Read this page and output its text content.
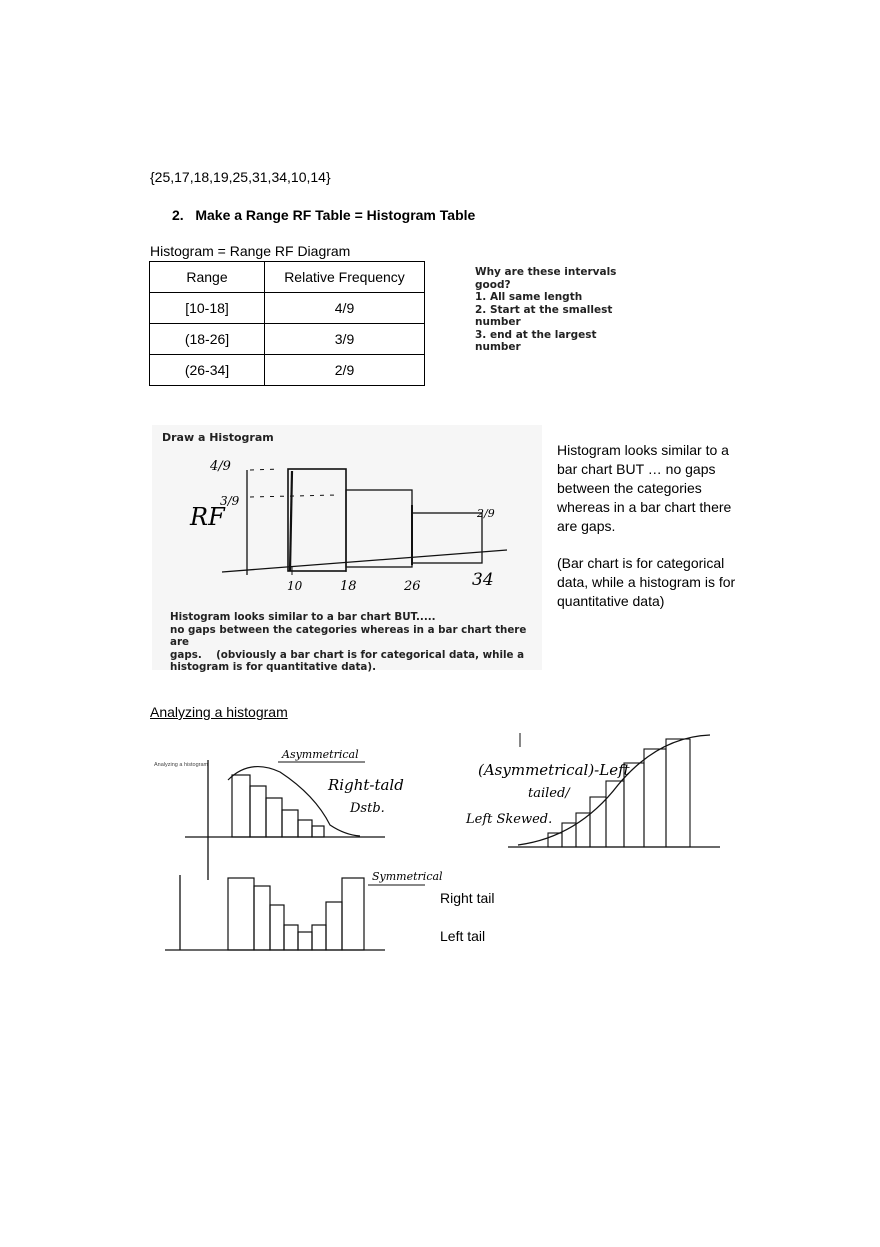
{25,17,18,19,25,31,34,10,14}
2.   Make a Range RF Table = Histogram Table
Histogram = Range RF Diagram
Range	Relative Frequency
[10-18]	4/9
(18-26]	3/9
(26-34]	2/9
Why are these intervals good?
1. All same length
2. Start at the smallest number
3. end at the largest number
Draw a Histogram
RF
4/9
3/9
2/9
10	18	26	34
Histogram looks similar to a bar chart BUT.....
no gaps between the categories whereas in a bar chart there are
gaps.    (obviously a bar chart is for categorical data, while a
histogram is for quantitative data).
Histogram looks similar to a bar chart BUT … no gaps between the categories whereas in a bar chart there are gaps.
(Bar chart is for categorical data, while a histogram is for quantitative data)
Analyzing a histogram
Analyzing a histogram
Asymmetrical
Right-tald
Dstb.
Symmetrical
(Asymmetrical)-Left
tailed/
Left Skewed.
Right tail
Left tail
